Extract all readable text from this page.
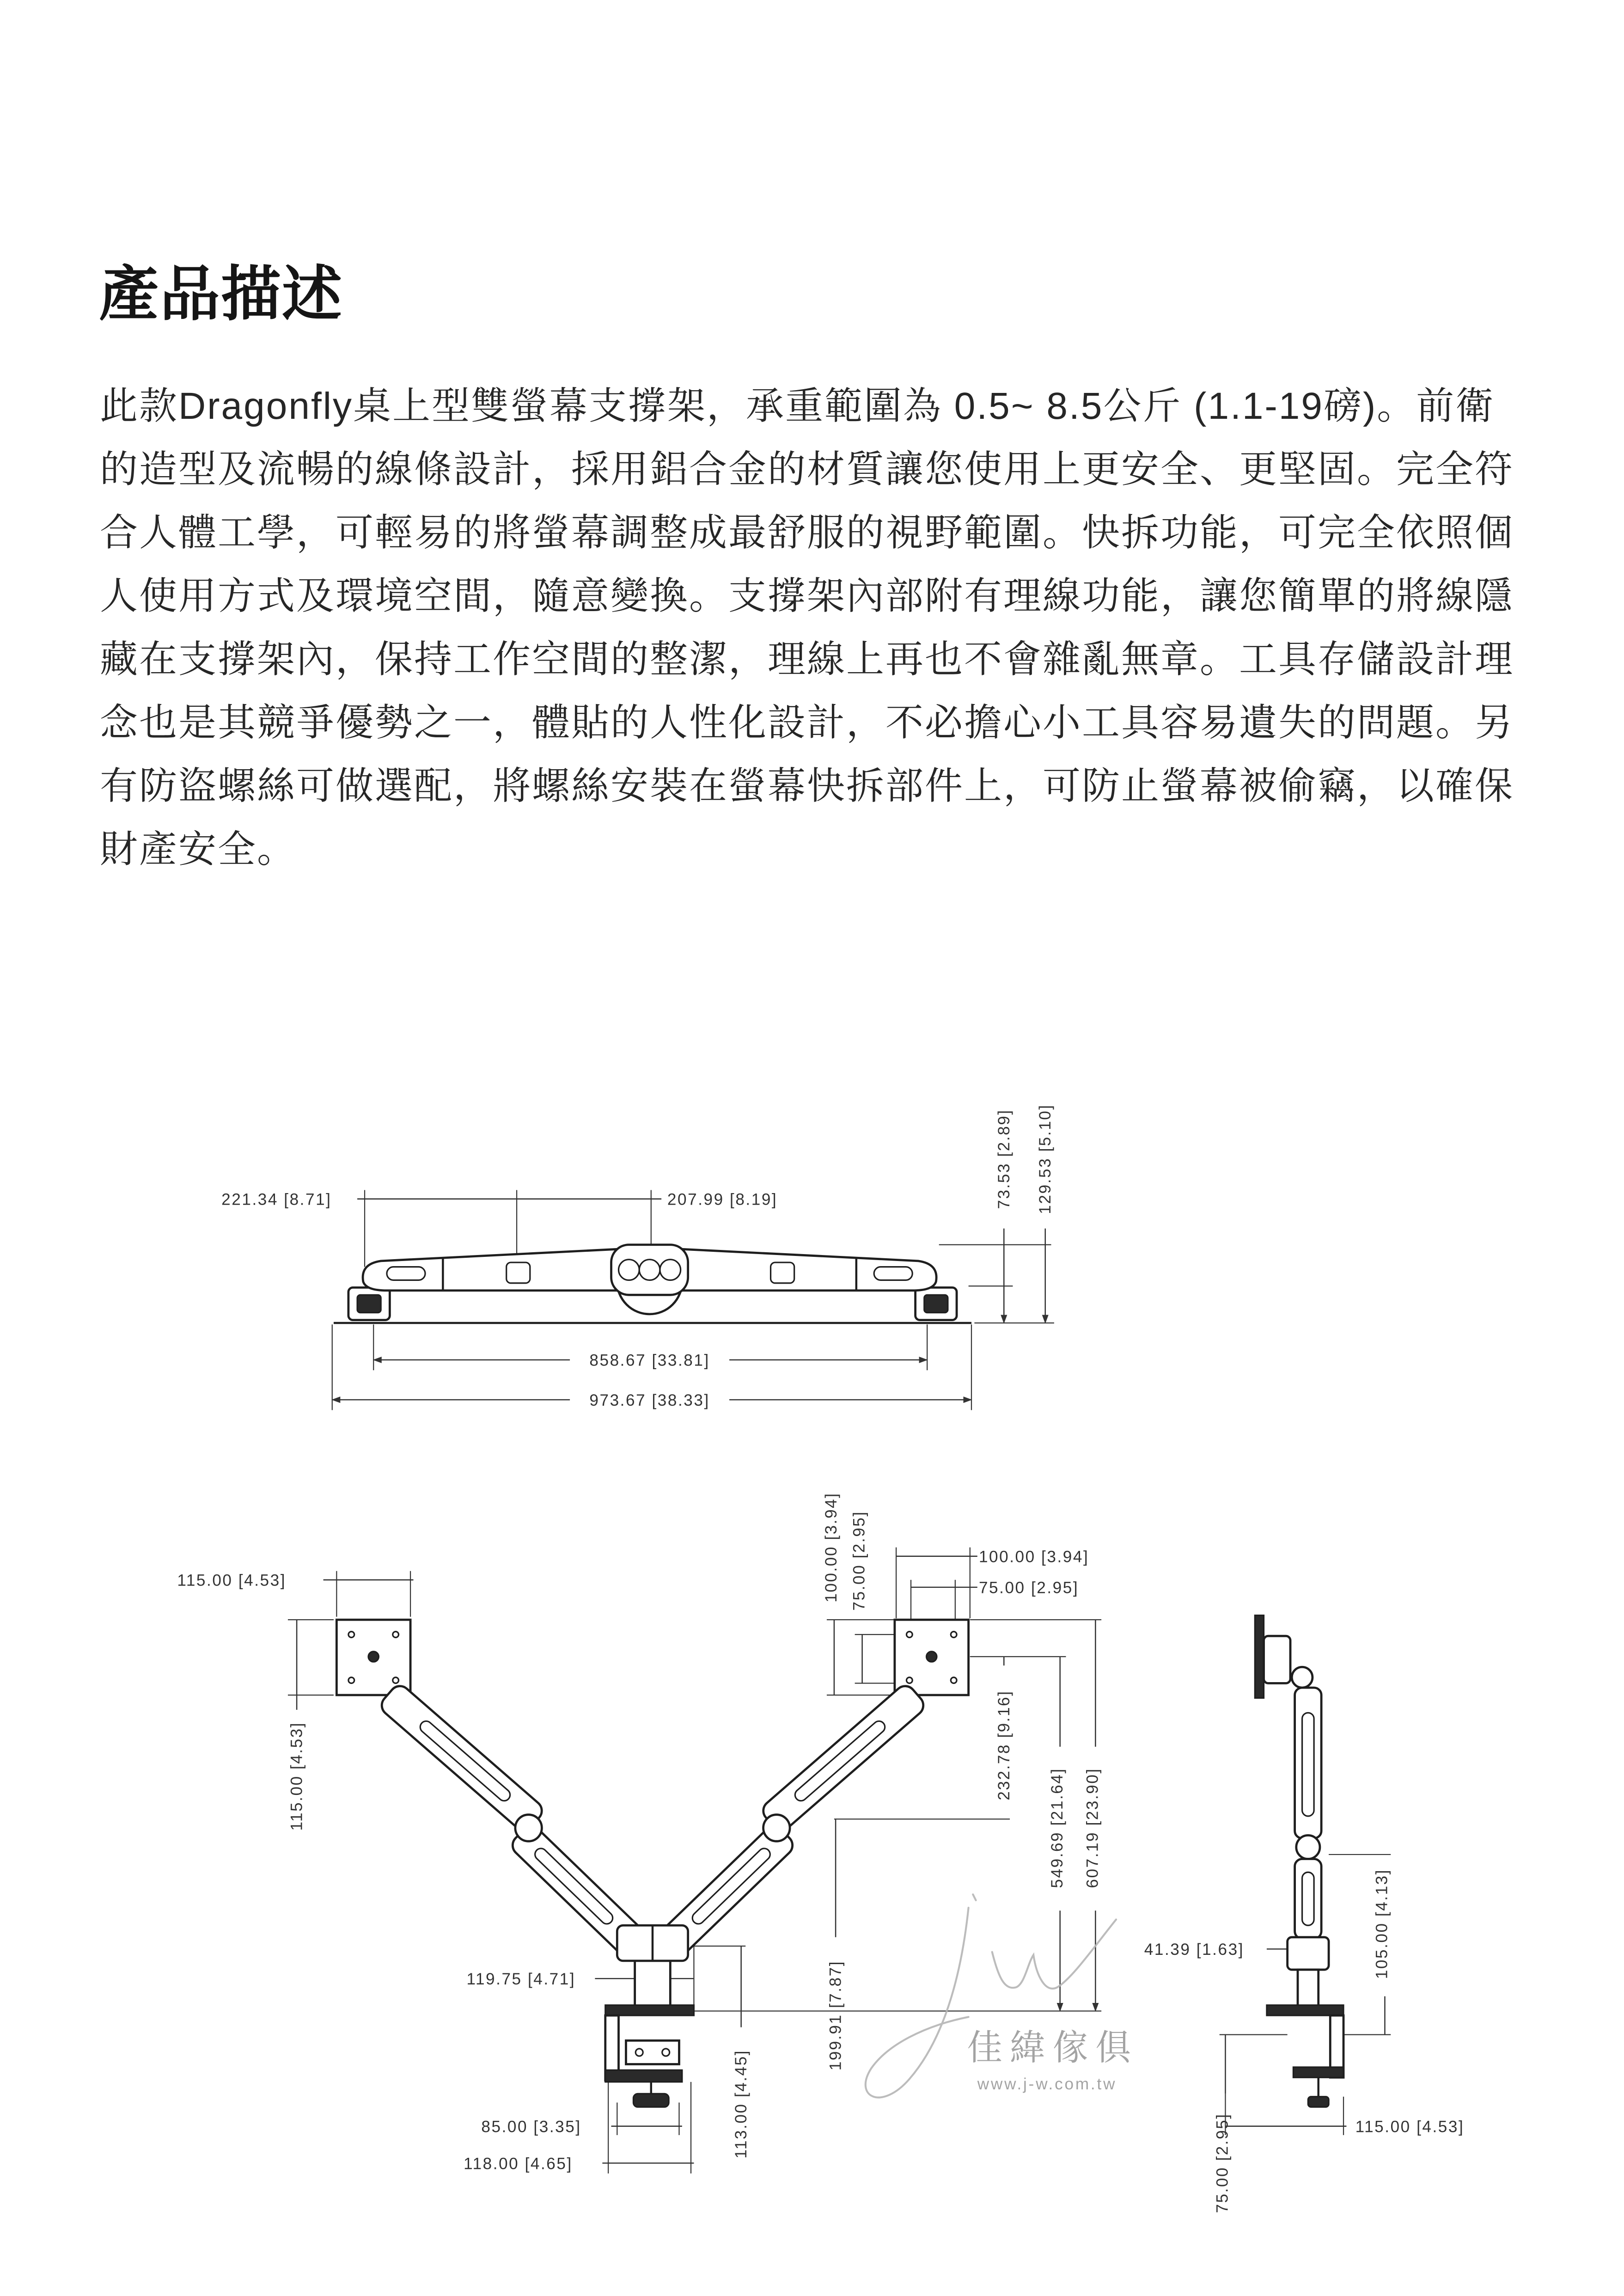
產品描述
此款Dragonfly桌上型雙螢幕支撐架，承重範圍為 0.5~ 8.5公斤 (1.1-19磅)。前衛
的造型及流暢的線條設計，採用鋁合金的材質讓您使用上更安全、更堅固。完全符
合人體工學，可輕易的將螢幕調整成最舒服的視野範圍。快拆功能，可完全依照個
人使用方式及環境空間，隨意變換。支撐架內部附有理線功能，讓您簡單的將線隱
藏在支撐架內，保持工作空間的整潔，理線上再也不會雜亂無章。工具存儲設計理
念也是其競爭優勢之一，體貼的人性化設計，不必擔心小工具容易遺失的問題。另
有防盜螺絲可做選配，將螺絲安裝在螢幕快拆部件上，可防止螢幕被偷竊，以確保
財產安全。
221.34 [8.71]	207.99 [8.19]	73.53 [2.89]	129.53 [5.10]
858.67 [33.81]
973.67 [38.33]
115.00 [4.53]
115.00 [4.53]
100.00 [3.94]
75.00 [2.95]
100.00 [3.94] 75.00 [2.95]
232.78 [9.16]
549.69 [21.64]	607.19 [23.90]
119.75 [4.71]
113.00 [4.45]
199.91 [7.87]
85.00 [3.35]
118.00 [4.65]
41.39 [1.63]	105.00 [4.13]
115.00 [4.53]
75.00 [2.95]
佳緯傢俱
www.j-w.com.tw
